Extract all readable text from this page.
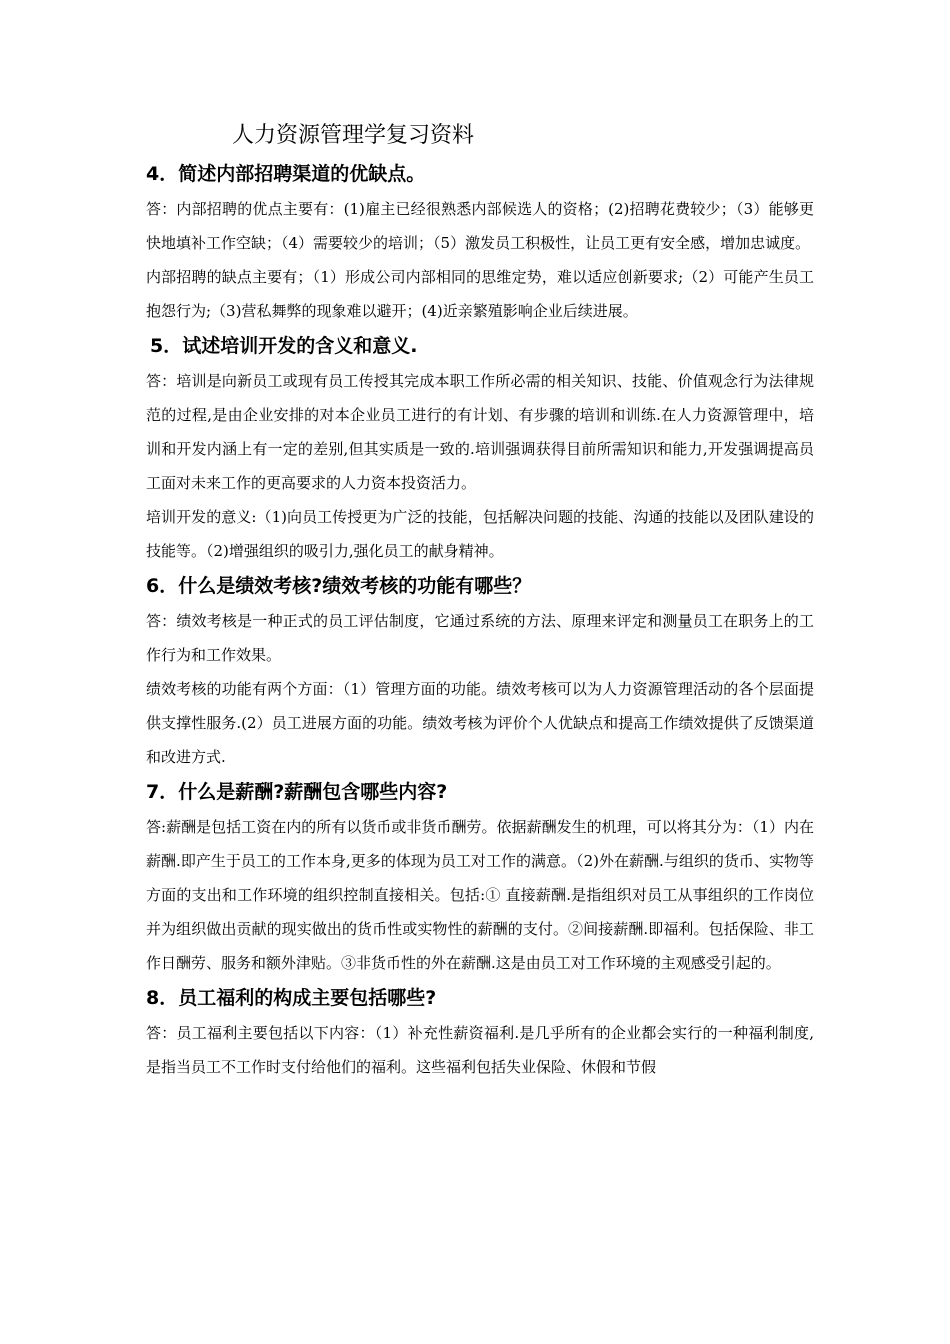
人力资源管理学复习资料

4．简述内部招聘渠道的优缺点。

答：内部招聘的优点主要有：(1)雇主已经很熟悉内部候选人的资格；(2)招聘花费较少；（3）能够更快地填补工作空缺；（4）需要较少的培训；（5）激发员工积极性，让员工更有安全感，增加忠诚度。

内部招聘的缺点主要有；（1）形成公司内部相同的思维定势，难以适应创新要求;（2）可能产生员工抱怨行为;（3)营私舞弊的现象难以避开；(4)近亲繁殖影响企业后续进展。

5．试述培训开发的含义和意义.

答：培训是向新员工或现有员工传授其完成本职工作所必需的相关知识、技能、价值观念行为法律规范的过程,是由企业安排的对本企业员工进行的有计划、有步骤的培训和训练.在人力资源管理中，培训和开发内涵上有一定的差别,但其实质是一致的.培训强调获得目前所需知识和能力,开发强调提高员工面对未来工作的更高要求的人力资本投资活力。

培训开发的意义:（1)向员工传授更为广泛的技能，包括解决问题的技能、沟通的技能以及团队建设的技能等。（2)增强组织的吸引力,强化员工的献身精神。

6．什么是绩效考核?绩效考核的功能有哪些？

答：绩效考核是一种正式的员工评估制度，它通过系统的方法、原理来评定和测量员工在职务上的工作行为和工作效果。

绩效考核的功能有两个方面：（1）管理方面的功能。绩效考核可以为人力资源管理活动的各个层面提供支撑性服务.(2）员工进展方面的功能。绩效考核为评价个人优缺点和提高工作绩效提供了反馈渠道和改进方式.

7．什么是薪酬?薪酬包含哪些内容?

答:薪酬是包括工资在内的所有以货币或非货币酬劳。依据薪酬发生的机理，可以将其分为：（1）内在薪酬.即产生于员工的工作本身,更多的体现为员工对工作的满意。（2)外在薪酬.与组织的货币、实物等方面的支出和工作环境的组织控制直接相关。包括:① 直接薪酬.是指组织对员工从事组织的工作岗位并为组织做出贡献的现实做出的货币性或实物性的薪酬的支付。②间接薪酬.即福利。包括保险、非工作日酬劳、服务和额外津贴。③非货币性的外在薪酬.这是由员工对工作环境的主观感受引起的。

8．员工福利的构成主要包括哪些?

答：员工福利主要包括以下内容：（1）补充性薪资福利.是几乎所有的企业都会实行的一种福利制度,是指当员工不工作时支付给他们的福利。这些福利包括失业保险、休假和节假
